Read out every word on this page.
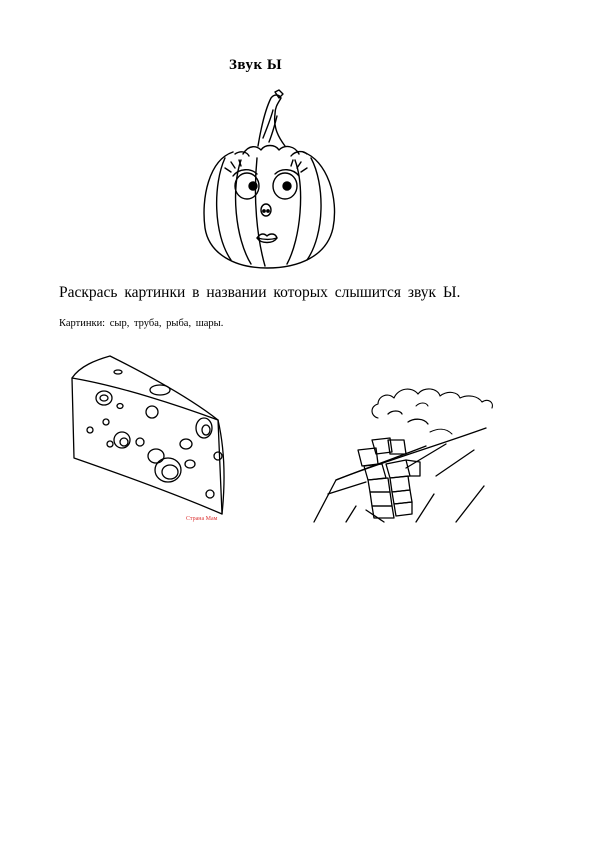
Звук Ы
Раскрась картинки в названии которых слышится звук Ы.
Картинки: сыр, труба, рыба, шары.
Страна Мам
